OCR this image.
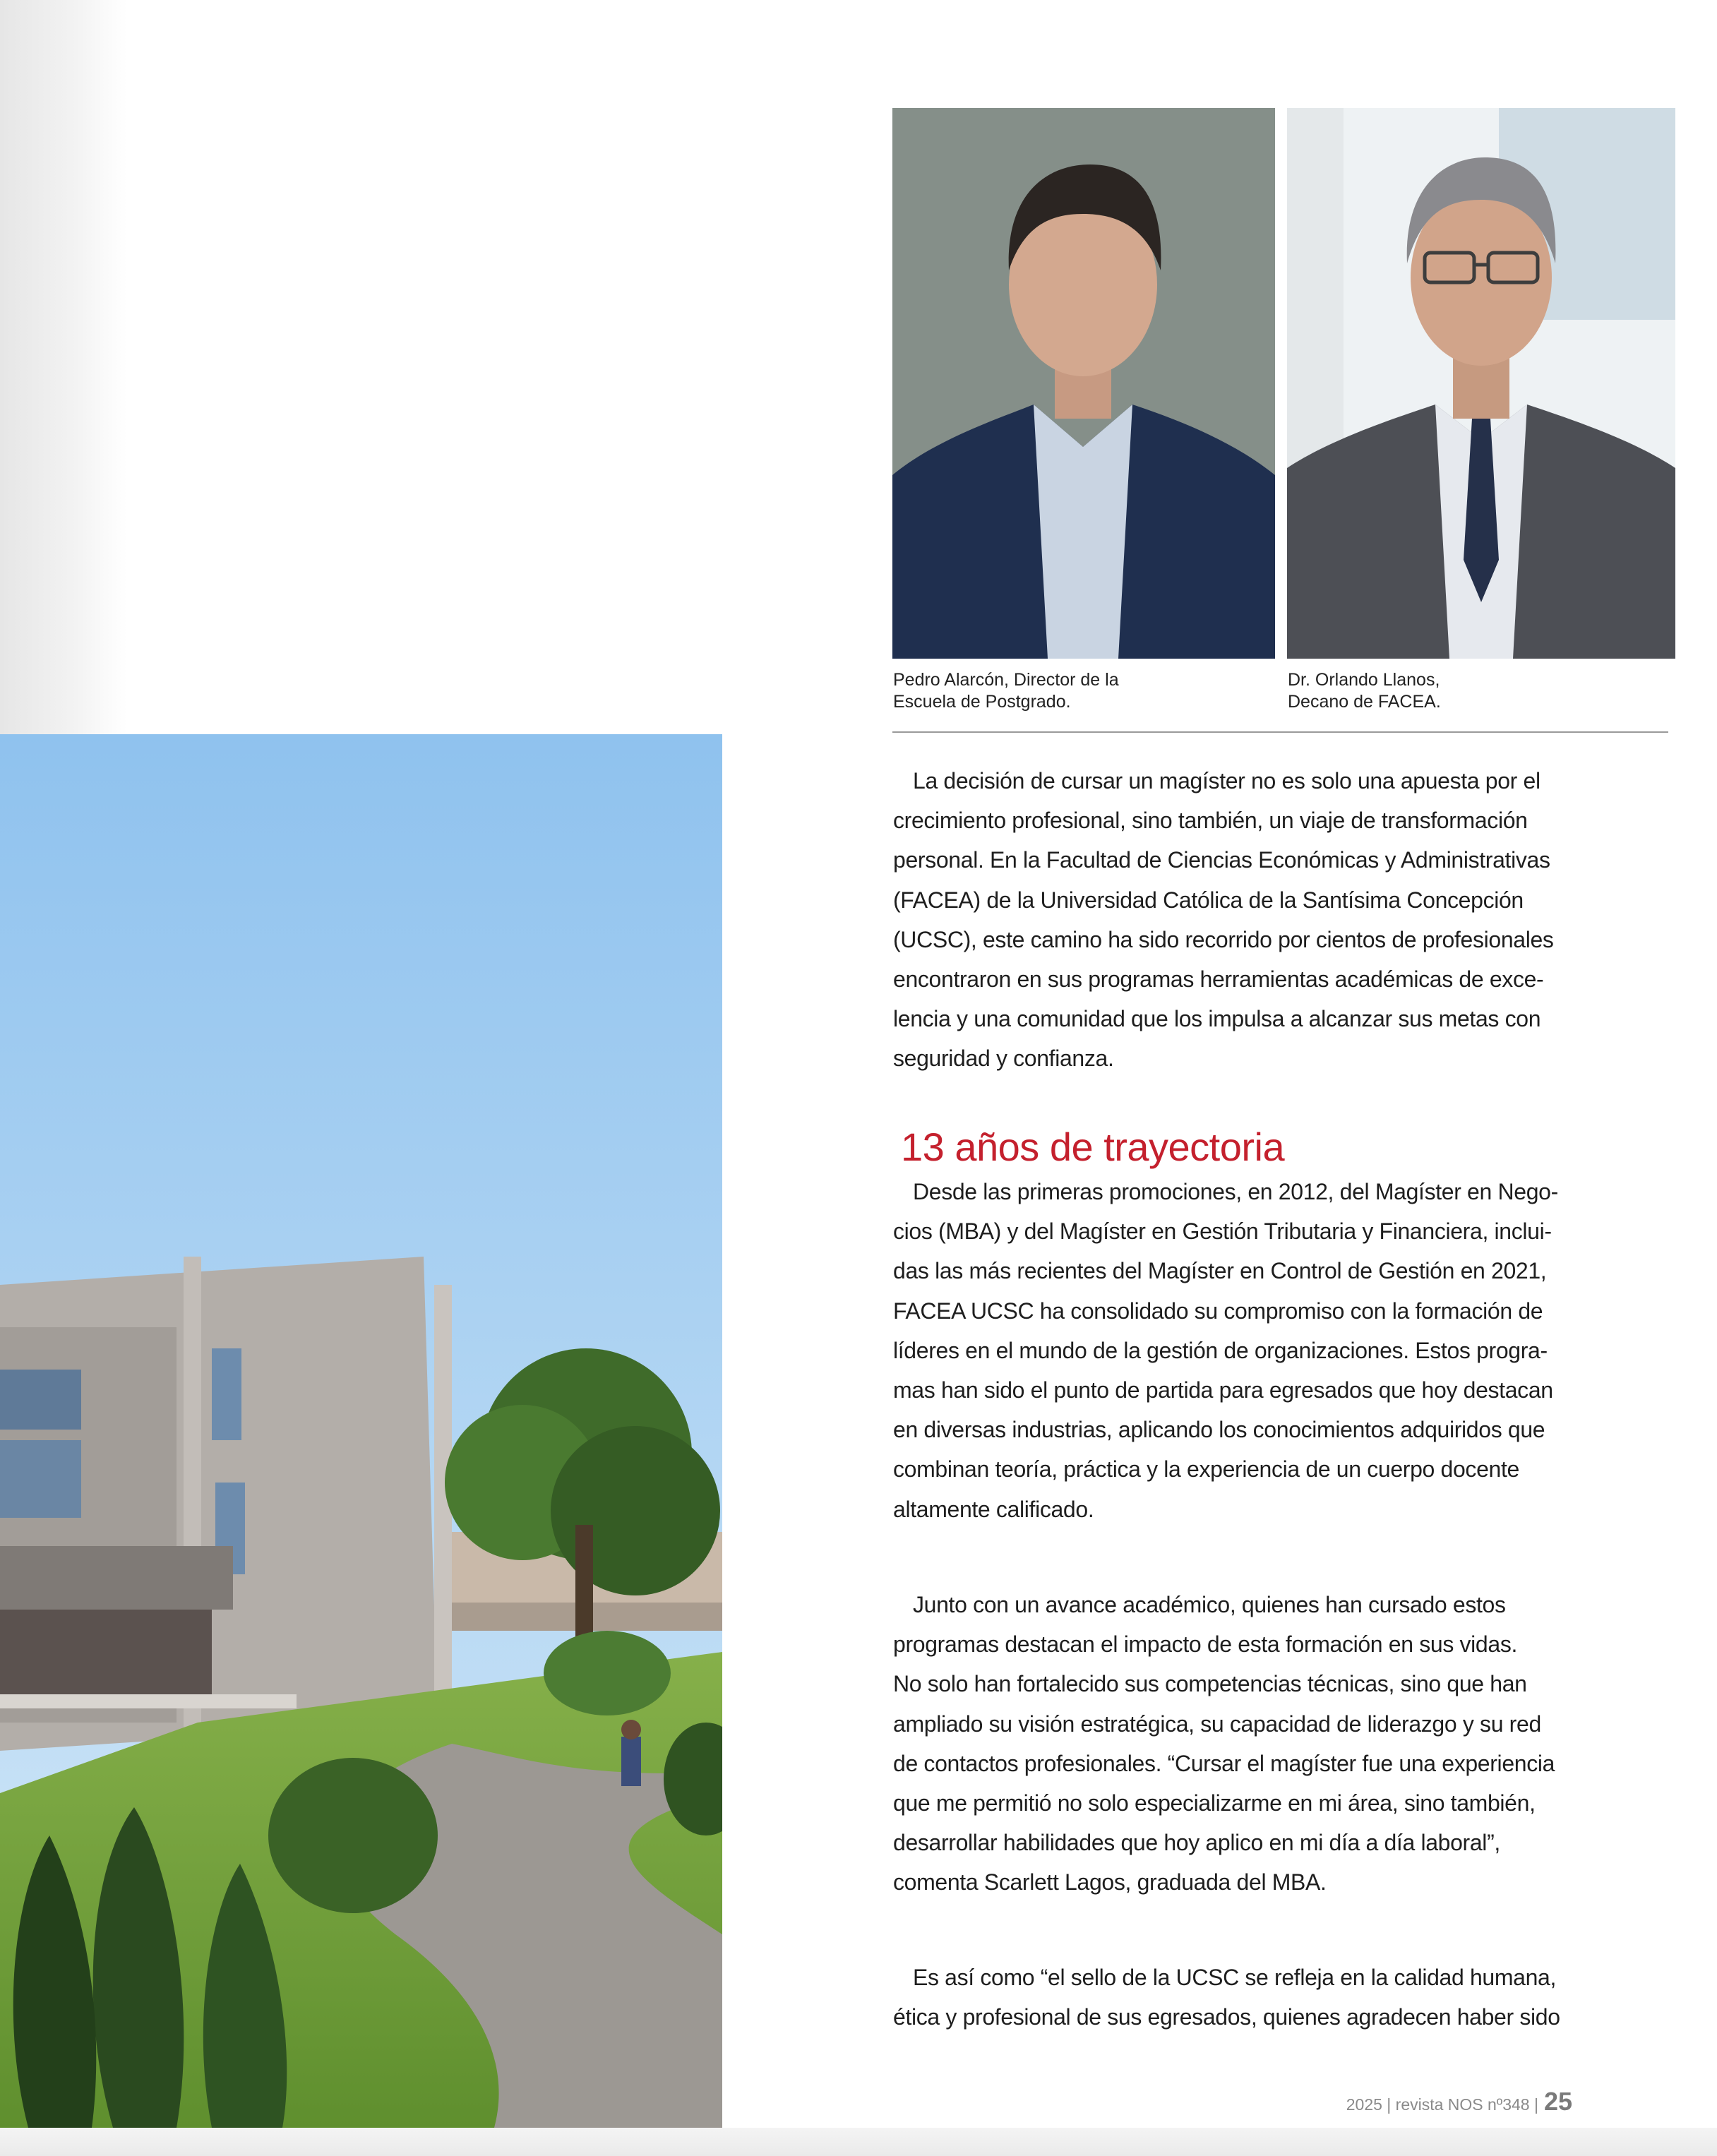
Pedro Alarcón, Director de la
Escuela de Postgrado.
Dr. Orlando Llanos,
Decano de FACEA.
La decisión de cursar un magíster no es solo una apuesta por el
crecimiento profesional, sino también, un viaje de transformación
personal. En la Facultad de Ciencias Económicas y Administrativas
(FACEA) de la Universidad Católica de la Santísima Concepción
(UCSC), este camino ha sido recorrido por cientos de profesionales
encontraron en sus programas herramientas académicas de exce-
lencia y una comunidad que los impulsa a alcanzar sus metas con
seguridad y confianza.
13 años de trayectoria
Desde las primeras promociones, en 2012, del Magíster en Nego-
cios (MBA) y del Magíster en Gestión Tributaria y Financiera, inclui-
das las más recientes del Magíster en Control de Gestión en 2021,
FACEA UCSC ha consolidado su compromiso con la formación de
líderes en el mundo de la gestión de organizaciones. Estos progra-
mas han sido el punto de partida para egresados que hoy destacan
en diversas industrias, aplicando los conocimientos adquiridos que
combinan teoría, práctica y la experiencia de un cuerpo docente
altamente calificado.
Junto con un avance académico, quienes han cursado estos
programas destacan el impacto de esta formación en sus vidas.
No solo han fortalecido sus competencias técnicas, sino que han
ampliado su visión estratégica, su capacidad de liderazgo y su red
de contactos profesionales. “Cursar el magíster fue una experiencia
que me permitió no solo especializarme en mi área, sino también,
desarrollar habilidades que hoy aplico en mi día a día laboral”,
comenta Scarlett Lagos, graduada del MBA.
Es así como “el sello de la UCSC se refleja en la calidad humana,
ética y profesional de sus egresados, quienes agradecen haber sido
2025 | revista NOS nº348 | 25
